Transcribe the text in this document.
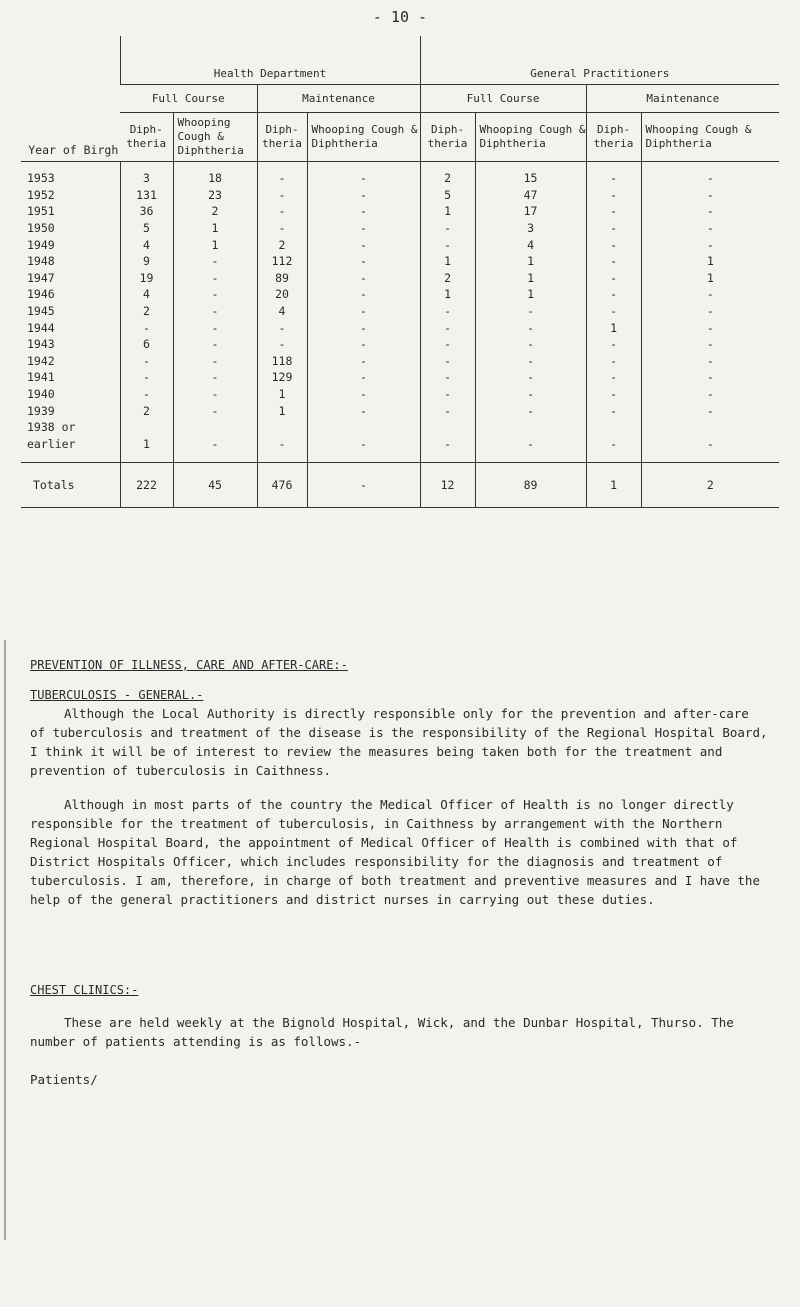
- 10 -
Year of Birgh	Health Department				General Practitioners			
	Full Course		Maintenance		Full Course		Maintenance	
	Diph- theria	Whooping Cough & Diphtheria	Diph- theria	Whooping Cough & Diphtheria	Diph- theria	Whooping Cough & Diphtheria	Diph- theria	Whooping Cough & Diphtheria
1953	3	18	-	-	2	15	-	-
1952	131	23	-	-	5	47	-	-
1951	36	2	-	-	1	17	-	-
1950	5	1	-	-	-	3	-	-
1949	4	1	2	-	-	4	-	-
1948	9	-	112	-	1	1	-	1
1947	19	-	89	-	2	1	-	1
1946	4	-	20	-	1	1	-	-
1945	2	-	4	-	-	-	-	-
1944	-	-	-	-	-	-	1	-
1943	6	-	-	-	-	-	-	-
1942	-	-	118	-	-	-	-	-
1941	-	-	129	-	-	-	-	-
1940	-	-	1	-	-	-	-	-
1939	2	-	1	-	-	-	-	-
1938 or								
earlier	1	-	-	-	-	-	-	-
Totals	222	45	476	-	12	89	1	2
PREVENTION OF ILLNESS, CARE AND AFTER-CARE:-
TUBERCULOSIS - GENERAL.-

Although the Local Authority is directly responsible only for the prevention and after-care of tuberculosis and treatment of the disease is the responsibility of the Regional Hospital Board, I think it will be of interest to review the measures being taken both for the treatment and prevention of tuberculosis in Caithness.

Although in most parts of the country the Medical Officer of Health is no longer directly responsible for the treatment of tuberculosis, in Caithness by arrangement with the Northern Regional Hospital Board, the appointment of Medical Officer of Health is combined with that of District Hospitals Officer, which includes responsibility for the diagnosis and treatment of tuberculosis. I am, therefore, in charge of both treatment and preventive measures and I have the help of the general practitioners and district nurses in carrying out these duties.

CHEST CLINICS:-

These are held weekly at the Bignold Hospital, Wick, and the Dunbar Hospital, Thurso. The number of patients attending is as follows.-

Patients/
